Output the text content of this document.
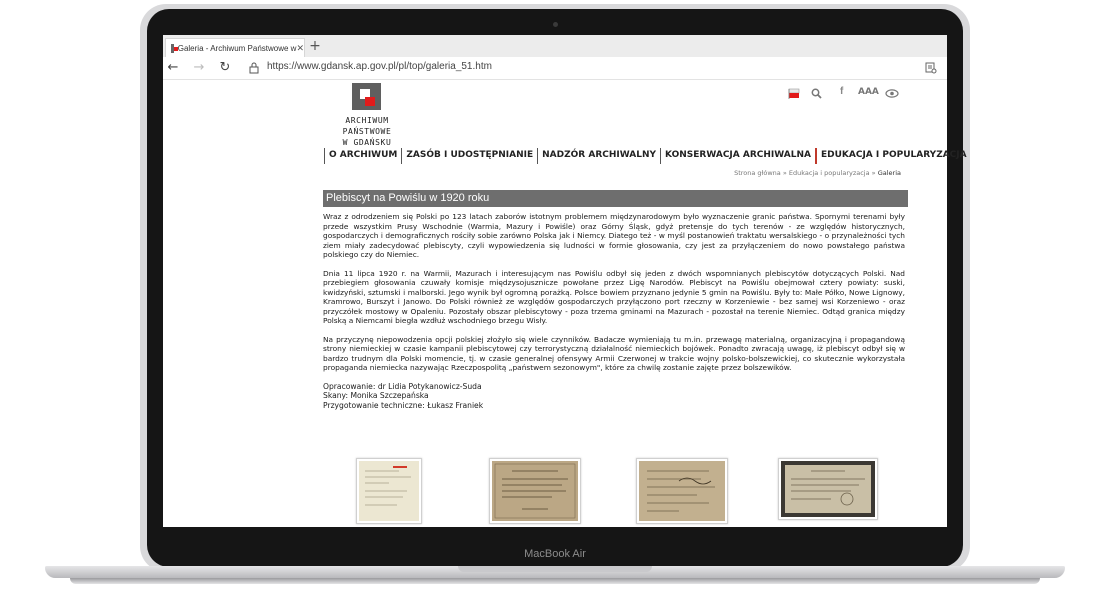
Galeria - Archiwum Państwowe w ✕ +
← → ↻	https://www.gdansk.ap.gov.pl/pl/top/galeria_51.htm
ARCHIWUM PAŃSTWOWE
W GDAŃSKU
f AAA
O ARCHIWUM	ZASÓB I UDOSTĘPNIANIE	NADZÓR ARCHIWALNY	KONSERWACJA ARCHIWALNA	EDUKACJA I POPULARYZACJA
Strona główna » Edukacja i popularyzacja » Galeria
Plebiscyt na Powiślu w 1920 roku

Wraz z odrodzeniem się Polski po 123 latach zaborów istotnym problemem międzynarodowym było wyznaczenie granic państwa. Spornymi terenami były przede wszystkim Prusy Wschodnie (Warmia, Mazury i Powiśle) oraz Górny Śląsk, gdyż pretensje do tych terenów - ze względów historycznych, gospodarczych i demograficznych rościły sobie zarówno Polska jak i Niemcy. Diatego też - w myśl postanowień traktatu wersalskiego - o przynależności tych ziem miały zadecydować plebiscyty, czyli wypowiedzenia się ludności w formie głosowania, czy jest za przyłączeniem do nowo powstałego państwa polskiego czy do Niemiec.

Dnia 11 lipca 1920 r. na Warmii, Mazurach i interesującym nas Powiślu odbył się jeden z dwóch wspomnianych plebiscytów dotyczących Polski. Nad przebiegiem głosowania czuwały komisje międzysojusznicze powołane przez Ligę Narodów. Plebiscyt na Powiślu obejmował cztery powiaty: suski, kwidzyński, sztumski i malborski. Jego wynik był ogromną porażką. Polsce bowiem przyznano jedynie 5 gmin na Powiślu. Były to: Małe Półko, Nowe Lignowy, Kramrowo, Burszyt i Janowo. Do Polski również ze względów gospodarczych przyłączono port rzeczny w Korzeniewie - bez samej wsi Korzeniewo - oraz przyczółek mostowy w Opaleniu. Pozostały obszar plebiscytowy - poza trzema gminami na Mazurach - pozostał na terenie Niemiec. Odtąd granica między Polską a Niemcami biegła wzdłuż wschodniego brzegu Wisły.

Na przyczynę niepowodzenia opcji polskiej złożyło się wiele czynników. Badacze wymieniają tu m.in. przewagę materialną, organizacyjną i propagandową strony niemieckiej w czasie kampanii plebiscytowej czy terrorystyczną działalność niemieckich bojówek. Ponadto zwracają uwagę, iż plebiscyt odbył się w bardzo trudnym dla Polski momencie, tj. w czasie generalnej ofensywy Armii Czerwonej w trakcie wojny polsko-bolszewickiej, co skutecznie wykorzystała propaganda niemiecka nazywając Rzeczpospolitą „państwem sezonowym", które za chwilę zostanie zajęte przez bolszewików.

Opracowanie: dr Lidia Potykanowicz-Suda
Skany: Monika Szczepańska
Przygotowanie techniczne: Łukasz Franiek
MacBook Air
